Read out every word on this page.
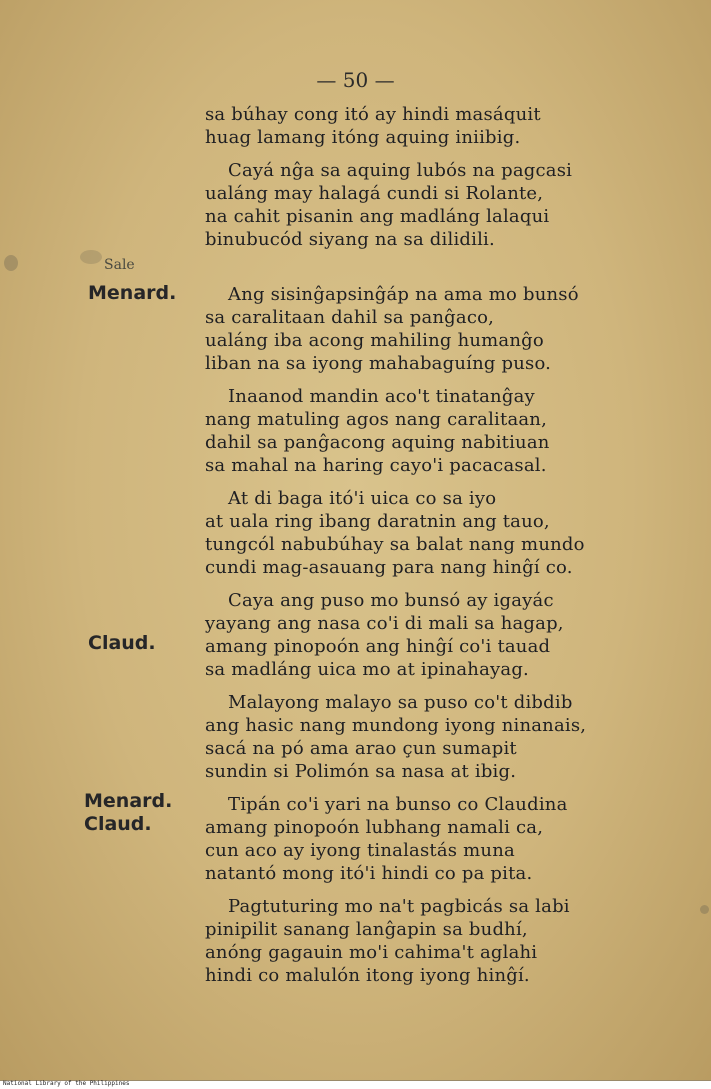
— 50 —
Sale
Menard.
Claud.
Menard.
Claud.
sa búhay cong itó ay hindi masáquit
huag lamang itóng aquing iniibig.
Cayá nĝa sa aquing lubós na pagcasi
ualáng may halagá cundi si Rolante,
na cahit pisanin ang madláng lalaqui
binubucód siyang na sa dilidili.
Ang sisinĝapsinĝáp na ama mo bunsó
sa caralitaan dahil sa panĝaco,
ualáng iba acong mahiling humanĝo
liban na sa iyong mahabaguíng puso.
Inaanod mandin aco't tinatanĝay
nang matuling agos nang caralitaan,
dahil sa panĝacong aquing nabitiuan
sa mahal na haring cayo'i pacacasal.
At di baga itó'i uica co sa iyo
at uala ring ibang daratnin ang tauo,
tungcól nabubúhay sa balat nang mundo
cundi mag-asauang para nang hinĝí co.
Caya ang puso mo bunsó ay igayác
yayang ang nasa co'i di mali sa hagap,
amang pinopoón ang hinĝí co'i tauad
sa madláng uica mo at ipinahayag.
Malayong malayo sa puso co't dibdib
ang hasic nang mundong iyong ninanais,
sacá na pó ama arao çun sumapit
sundin si Polimón sa nasa at ibig.
Tipán co'i yari na bunso co Claudina
amang pinopoón lubhang namali ca,
cun aco ay iyong tinalastás muna
natantó mong itó'i hindi co pa pita.
Pagtuturing mo na't pagbicás sa labi
pinipilit sanang lanĝapin sa budhí,
anóng gagauin mo'i cahima't aglahi
hindi co malulón itong iyong hinĝí.
National Library of the Philippines
